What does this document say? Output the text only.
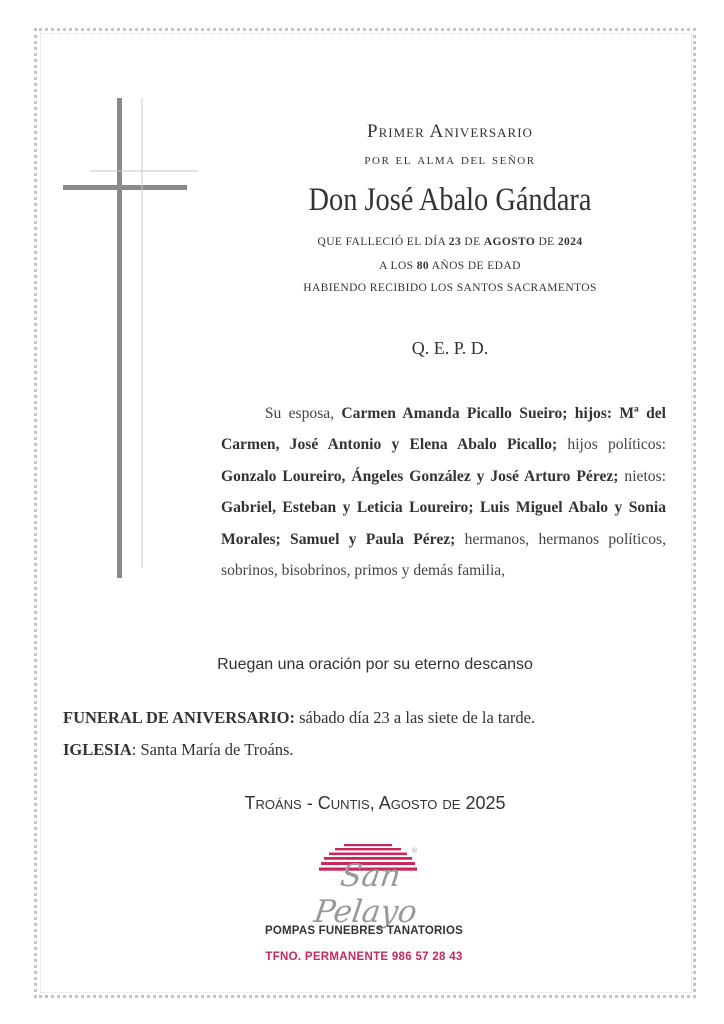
Primer Aniversario
por el alma del señor
Don José Abalo Gándara
QUE FALLECIÓ EL DÍA 23 DE AGOSTO DE 2024
A LOS 80 AÑOS DE EDAD
HABIENDO RECIBIDO LOS SANTOS SACRAMENTOS
Q. E. P. D.
Su esposa, Carmen Amanda Picallo Sueiro; hijos: Mª del Carmen, José Antonio y Elena Abalo Picallo; hijos políticos: Gonzalo Loureiro, Ángeles González y José Arturo Pérez; nietos: Gabriel, Esteban y Leticia Loureiro; Luis Miguel Abalo y Sonia Morales; Samuel y Paula Pérez; hermanos, hermanos políticos, sobrinos, bisobrinos, primos y demás familia,
Ruegan una oración por su eterno descanso
FUNERAL DE ANIVERSARIO: sábado día 23 a las siete de la tarde.
IGLESIA: Santa María de Troáns.
Troáns - Cuntis, Agosto de 2025
®
San Pelayo
POMPAS FUNEBRES TANATORIOS
TFNO. PERMANENTE 986 57 28 43
